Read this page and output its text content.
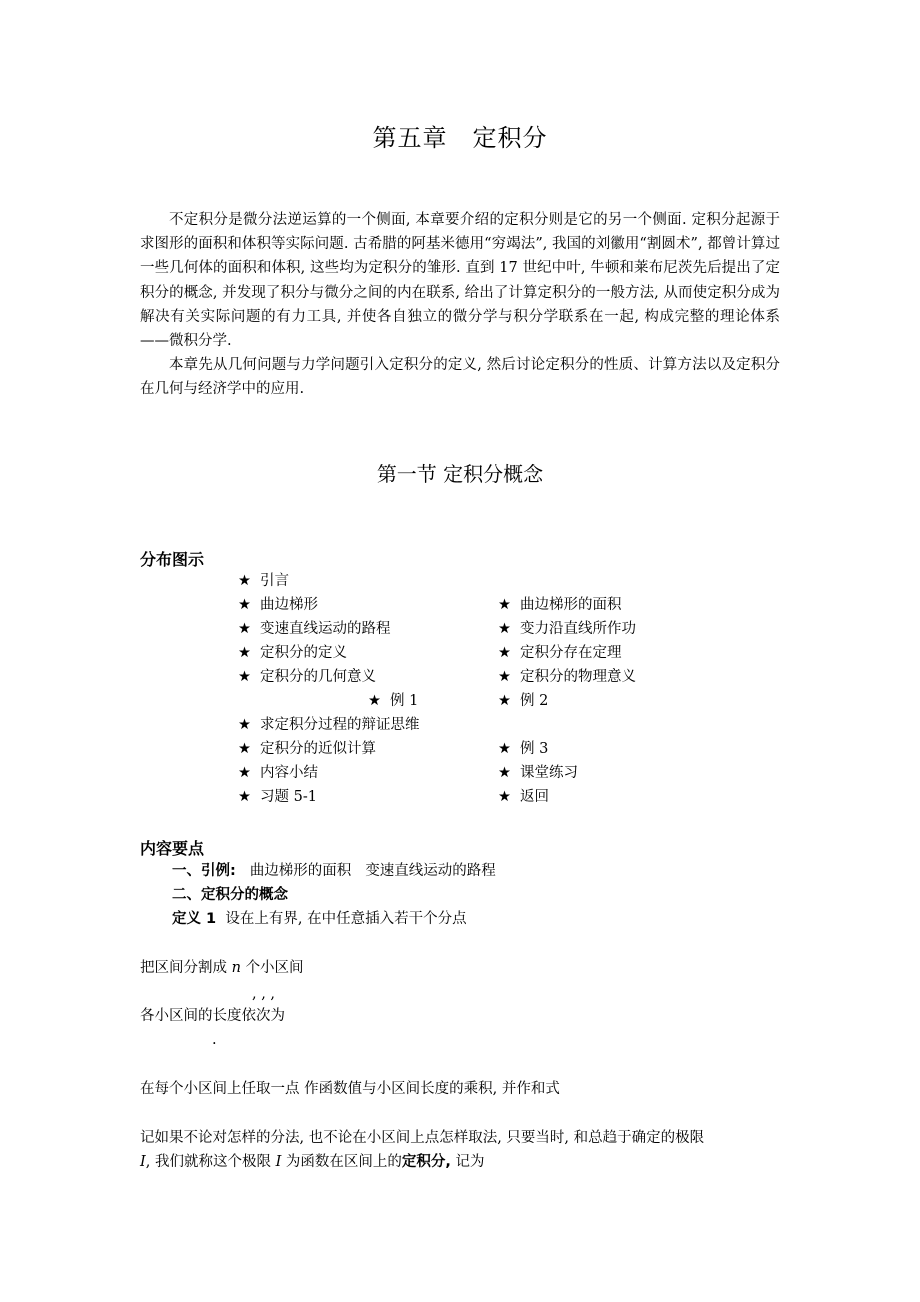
第五章　定积分

不定积分是微分法逆运算的一个侧面, 本章要介绍的定积分则是它的另一个侧面. 定积分起源于求图形的面积和体积等实际问题. 古希腊的阿基米德用“穷竭法”, 我国的刘徽用“割圆术”, 都曾计算过一些几何体的面积和体积, 这些均为定积分的雏形. 直到 17 世纪中叶, 牛顿和莱布尼茨先后提出了定积分的概念, 并发现了积分与微分之间的内在联系, 给出了计算定积分的一般方法, 从而使定积分成为解决有关实际问题的有力工具, 并使各自独立的微分学与积分学联系在一起, 构成完整的理论体系——微积分学.

本章先从几何问题与力学问题引入定积分的定义, 然后讨论定积分的性质、计算方法以及定积分在几何与经济学中的应用.

第一节 定积分概念
分布图示
★ 引言
★ 曲边梯形
★ 变速直线运动的路程
★ 定积分的定义
★ 定积分的几何意义
★ 例 1
★ 求定积分过程的辩证思维
★ 定积分的近似计算
★ 内容小结
★ 习题 5-1
★ 曲边梯形的面积
★ 变力沿直线所作功
★ 定积分存在定理
★ 定积分的物理意义
★ 例 2
★ 例 3
★ 课堂练习
★ 返回
内容要点
一、引例: 曲边梯形的面积 变速直线运动的路程
二、定积分的概念
定义 1 设在上有界, 在中任意插入若干个分点
把区间分割成 n 个小区间
, , ,
各小区间的长度依次为
.
在每个小区间上任取一点 作函数值与小区间长度的乘积, 并作和式
记如果不论对怎样的分法, 也不论在小区间上点怎样取法, 只要当时, 和总趋于确定的极限
I, 我们就称这个极限 I 为函数在区间上的定积分, 记为
